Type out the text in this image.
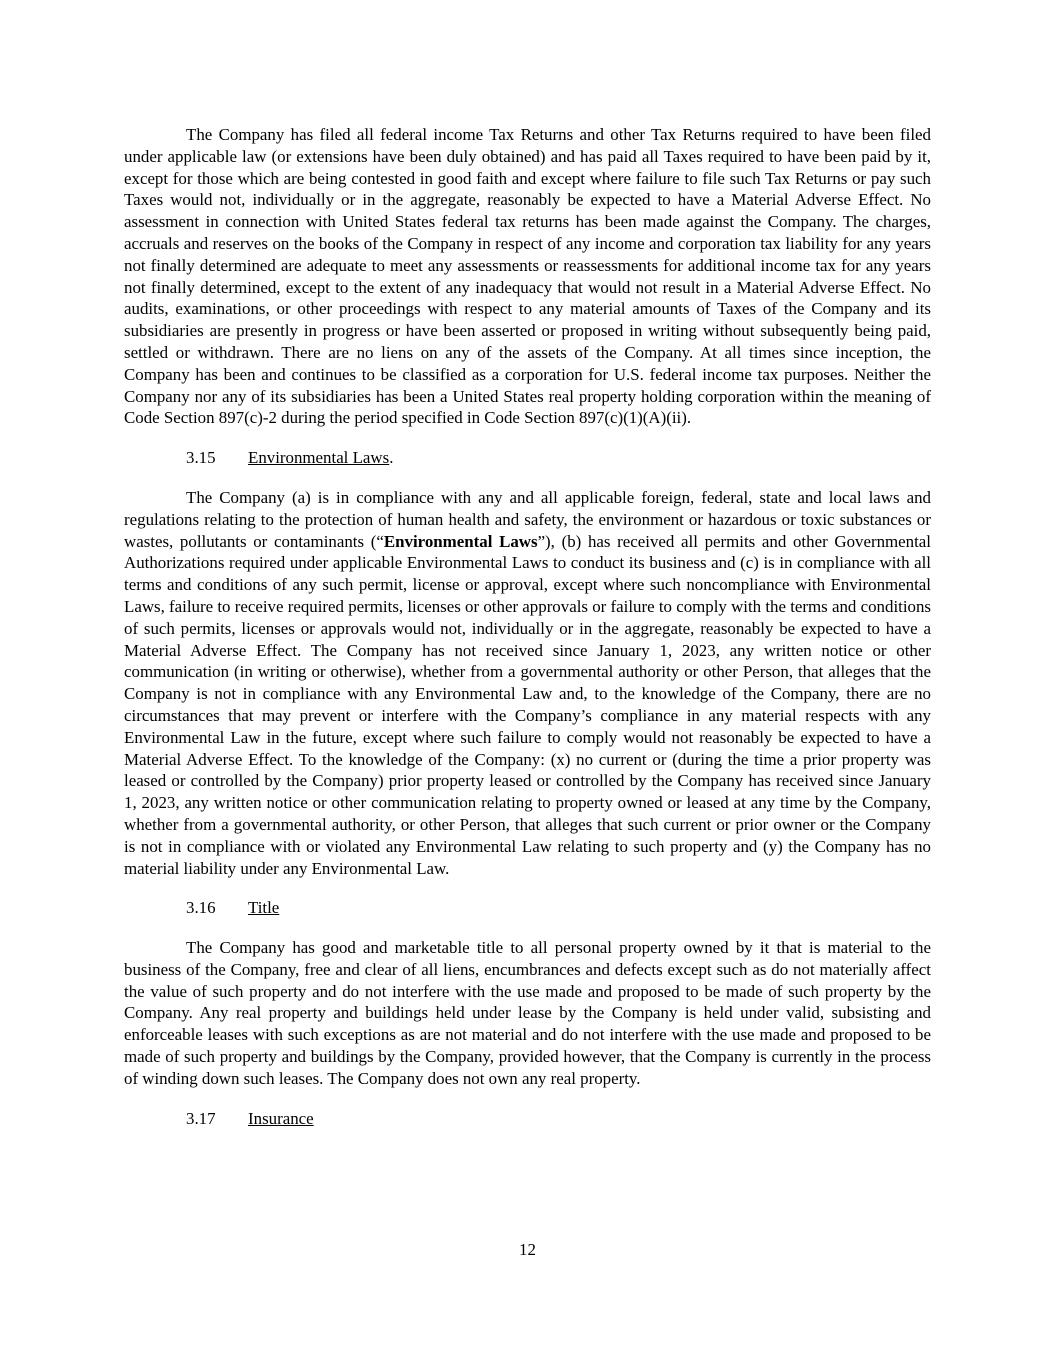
The Company has filed all federal income Tax Returns and other Tax Returns required to have been filed under applicable law (or extensions have been duly obtained) and has paid all Taxes required to have been paid by it, except for those which are being contested in good faith and except where failure to file such Tax Returns or pay such Taxes would not, individually or in the aggregate, reasonably be expected to have a Material Adverse Effect. No assessment in connection with United States federal tax returns has been made against the Company. The charges, accruals and reserves on the books of the Company in respect of any income and corporation tax liability for any years not finally determined are adequate to meet any assessments or reassessments for additional income tax for any years not finally determined, except to the extent of any inadequacy that would not result in a Material Adverse Effect. No audits, examinations, or other proceedings with respect to any material amounts of Taxes of the Company and its subsidiaries are presently in progress or have been asserted or proposed in writing without subsequently being paid, settled or withdrawn. There are no liens on any of the assets of the Company. At all times since inception, the Company has been and continues to be classified as a corporation for U.S. federal income tax purposes. Neither the Company nor any of its subsidiaries has been a United States real property holding corporation within the meaning of Code Section 897(c)-2 during the period specified in Code Section 897(c)(1)(A)(ii).

3.15 Environmental Laws.

The Company (a) is in compliance with any and all applicable foreign, federal, state and local laws and regulations relating to the protection of human health and safety, the environment or hazardous or toxic substances or wastes, pollutants or contaminants (“Environmental Laws”), (b) has received all permits and other Governmental Authorizations required under applicable Environmental Laws to conduct its business and (c) is in compliance with all terms and conditions of any such permit, license or approval, except where such noncompliance with Environmental Laws, failure to receive required permits, licenses or other approvals or failure to comply with the terms and conditions of such permits, licenses or approvals would not, individually or in the aggregate, reasonably be expected to have a Material Adverse Effect. The Company has not received since January 1, 2023, any written notice or other communication (in writing or otherwise), whether from a governmental authority or other Person, that alleges that the Company is not in compliance with any Environmental Law and, to the knowledge of the Company, there are no circumstances that may prevent or interfere with the Company’s compliance in any material respects with any Environmental Law in the future, except where such failure to comply would not reasonably be expected to have a Material Adverse Effect. To the knowledge of the Company: (x) no current or (during the time a prior property was leased or controlled by the Company) prior property leased or controlled by the Company has received since January 1, 2023, any written notice or other communication relating to property owned or leased at any time by the Company, whether from a governmental authority, or other Person, that alleges that such current or prior owner or the Company is not in compliance with or violated any Environmental Law relating to such property and (y) the Company has no material liability under any Environmental Law.

3.16 Title

The Company has good and marketable title to all personal property owned by it that is material to the business of the Company, free and clear of all liens, encumbrances and defects except such as do not materially affect the value of such property and do not interfere with the use made and proposed to be made of such property by the Company. Any real property and buildings held under lease by the Company is held under valid, subsisting and enforceable leases with such exceptions as are not material and do not interfere with the use made and proposed to be made of such property and buildings by the Company, provided however, that the Company is currently in the process of winding down such leases. The Company does not own any real property.

3.17 Insurance
12
